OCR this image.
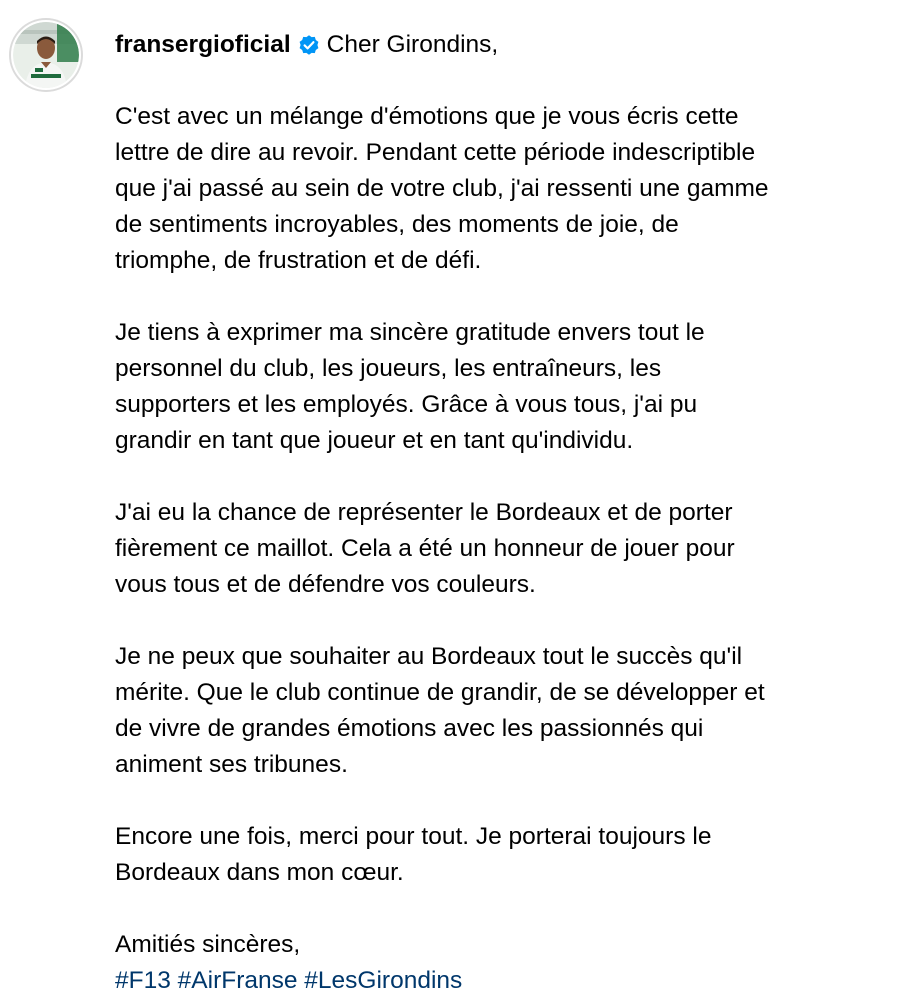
fransergioficial Cher Girondins,
C'est avec un mélange d'émotions que je vous écris cette
lettre de dire au revoir. Pendant cette période indescriptible
que j'ai passé au sein de votre club, j'ai ressenti une gamme
de sentiments incroyables, des moments de joie, de
triomphe, de frustration et de défi.
Je tiens à exprimer ma sincère gratitude envers tout le
personnel du club, les joueurs, les entraîneurs, les
supporters et les employés. Grâce à vous tous, j'ai pu
grandir en tant que joueur et en tant qu'individu.
J'ai eu la chance de représenter le Bordeaux et de porter
fièrement ce maillot. Cela a été un honneur de jouer pour
vous tous et de défendre vos couleurs.
Je ne peux que souhaiter au Bordeaux tout le succès qu'il
mérite. Que le club continue de grandir, de se développer et
de vivre de grandes émotions avec les passionnés qui
animent ses tribunes.
Encore une fois, merci pour tout. Je porterai toujours le
Bordeaux dans mon cœur.
Amitiés sincères,
#F13 #AirFranse #LesGirondins
